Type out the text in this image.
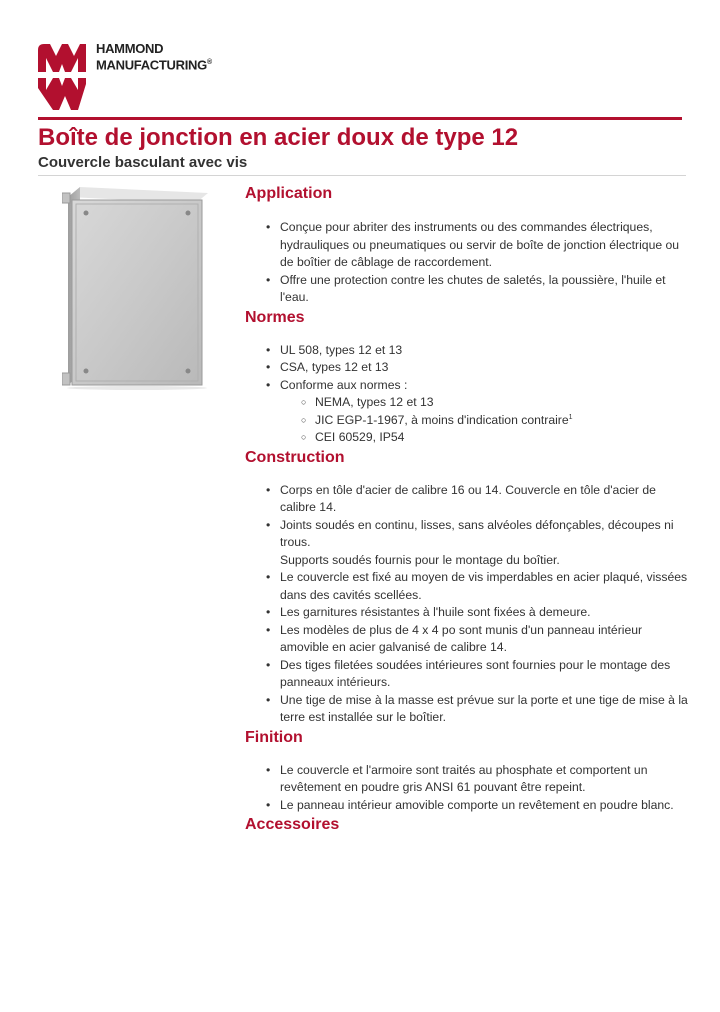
HAMMOND
MANUFACTURING®
Boîte de jonction en acier doux de type 12

Couvercle basculant avec vis

Application
• Conçue pour abriter des instruments ou des commandes électriques, hydrauliques ou pneumatiques ou servir de boîte de jonction électrique ou de boîtier de câblage de raccordement.
• Offre une protection contre les chutes de saletés, la poussière, l'huile et l'eau.
Normes
• UL 508, types 12 et 13
• CSA, types 12 et 13
• Conforme aux normes :
○ NEMA, types 12 et 13
○ JIC EGP-1-1967, à moins d'indication contraire$^1$
○ CEI 60529, IP54
Construction
• Corps en tôle d'acier de calibre 16 ou 14. Couvercle en tôle d'acier de calibre 14.
• Joints soudés en continu, lisses, sans alvéoles défonçables, découpes ni trous.
Supports soudés fournis pour le montage du boîtier.
• Le couvercle est fixé au moyen de vis imperdables en acier plaqué, vissées dans des cavités scellées.
• Les garnitures résistantes à l'huile sont fixées à demeure.
• Les modèles de plus de 4 x 4 po sont munis d'un panneau intérieur amovible en acier galvanisé de calibre 14.
• Des tiges filetées soudées intérieures sont fournies pour le montage des panneaux intérieurs.
• Une tige de mise à la masse est prévue sur la porte et une tige de mise à la terre est installée sur le boîtier.
Finition
• Le couvercle et l'armoire sont traités au phosphate et comportent un revêtement en poudre gris ANSI 61 pouvant être repeint.
• Le panneau intérieur amovible comporte un revêtement en poudre blanc.
Accessoires
